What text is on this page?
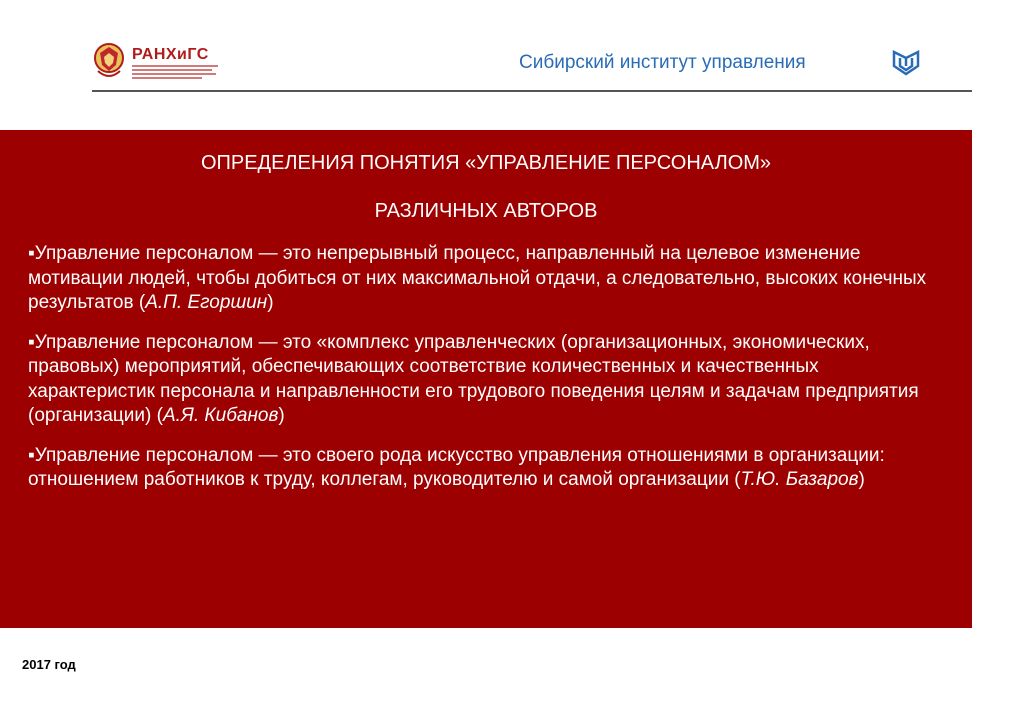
РАНХиГС	Сибирский институт управления
ОПРЕДЕЛЕНИЯ ПОНЯТИЯ «УПРАВЛЕНИЕ ПЕРСОНАЛОМ»
РАЗЛИЧНЫХ АВТОРОВ
▪Управление персоналом — это непрерывный процесс, направленный на целевое изменение мотивации людей, чтобы добиться от них максимальной отдачи, а следовательно, высоких конечных результатов (А.П. Егоршин)
▪Управление персоналом — это «комплекс управленческих (организационных, экономических, правовых) мероприятий, обеспечивающих соответствие количественных и качественных характеристик персонала и направленности его трудового поведения целям и задачам предприятия (организации) (А.Я. Кибанов)
▪Управление персоналом — это своего рода искусство управления отношениями в организации: отношением работников к труду, коллегам, руководителю и самой организации (Т.Ю. Базаров)
2017 год
